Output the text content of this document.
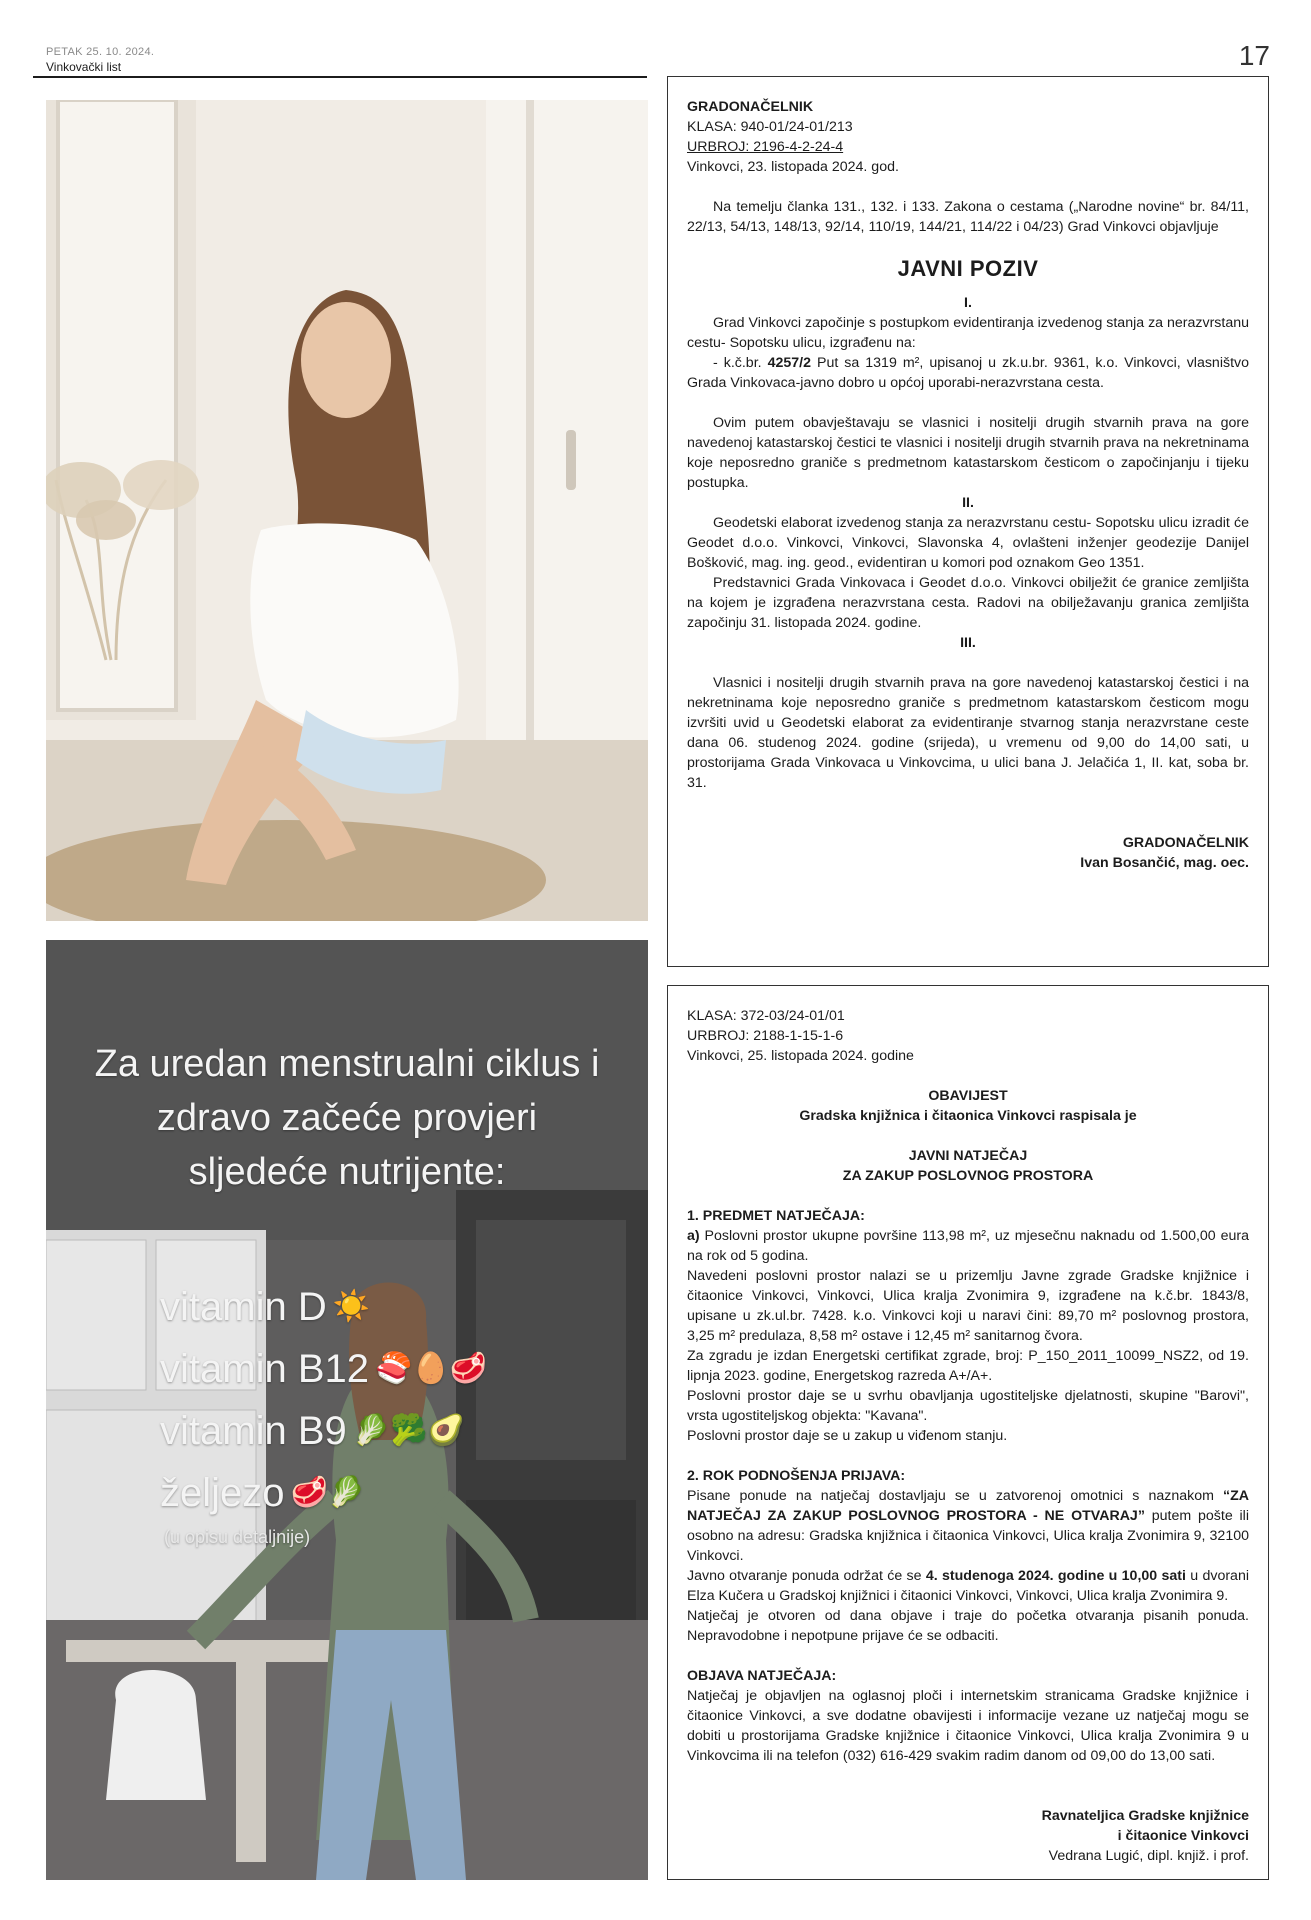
PETAK 25. 10. 2024.
Vinkovački list	17
Za uredan menstrualni ciklus i
zdravo začeće provjeri
sljedeće nutrijente:
vitamin D ☀️
vitamin B12 🍣🥚🥩
vitamin B9 🥬🥦🥑
željezo 🥩🥬
(u opisu detaljnije)
GRADONAČELNIK
KLASA: 940-01/24-01/213
URBROJ: 2196-4-2-24-4
Vinkovci, 23. listopada 2024. god.
Na temelju članka 131., 132. i 133. Zakona o cestama („Narodne novine“ br. 84/11, 22/13, 54/13, 148/13, 92/14, 110/19, 144/21, 114/22 i 04/23) Grad Vinkovci objavljuje
JAVNI POZIV
I.
Grad Vinkovci započinje s postupkom evidentiranja izvedenog stanja za nerazvrstanu cestu- Sopotsku ulicu, izgrađenu na:
- k.č.br. 4257/2 Put sa 1319 m², upisanoj u zk.u.br. 9361, k.o. Vinkovci, vlasništvo Grada Vinkovaca-javno dobro u općoj uporabi-nerazvrstana cesta.
Ovim putem obavještavaju se vlasnici i nositelji drugih stvarnih prava na gore navedenoj katastarskoj čestici te vlasnici i nositelji drugih stvarnih prava na nekretninama koje neposredno graniče s predmetnom katastarskom česticom o započinjanju i tijeku postupka.
II.
Geodetski elaborat izvedenog stanja za nerazvrstanu cestu- Sopotsku ulicu izradit će Geodet d.o.o. Vinkovci, Vinkovci, Slavonska 4, ovlašteni inženjer geodezije Danijel Bošković, mag. ing. geod., evidentiran u komori pod oznakom Geo 1351.
Predstavnici Grada Vinkovaca i Geodet d.o.o. Vinkovci obilježit će granice zemljišta na kojem je izgrađena nerazvrstana cesta. Radovi na obilježavanju granica zemljišta započinju 31. listopada 2024. godine.
III.
Vlasnici i nositelji drugih stvarnih prava na gore navedenoj katastarskoj čestici i na nekretninama koje neposredno graniče s predmetnom katastarskom česticom mogu izvršiti uvid u Geodetski elaborat za evidentiranje stvarnog stanja nerazvrstane ceste dana 06. studenog 2024. godine (srijeda), u vremenu od 9,00 do 14,00 sati, u prostorijama Grada Vinkovaca u Vinkovcima, u ulici bana J. Jelačića 1, II. kat, soba br. 31.
GRADONAČELNIK
Ivan Bosančić, mag. oec.
KLASA: 372-03/24-01/01
URBROJ: 2188-1-15-1-6
Vinkovci, 25. listopada 2024. godine
OBAVIJEST
Gradska knjižnica i čitaonica Vinkovci raspisala je
JAVNI NATJEČAJ
ZA ZAKUP POSLOVNOG PROSTORA
1. PREDMET NATJEČAJA:
a) Poslovni prostor ukupne površine 113,98 m², uz mjesečnu naknadu od 1.500,00 eura na rok od 5 godina.
Navedeni poslovni prostor nalazi se u prizemlju Javne zgrade Gradske knjižnice i čitaonice Vinkovci, Vinkovci, Ulica kralja Zvonimira 9, izgrađene na k.č.br. 1843/8, upisane u zk.ul.br. 7428. k.o. Vinkovci koji u naravi čini: 89,70 m² poslovnog prostora, 3,25 m² predulaza, 8,58 m² ostave i 12,45 m² sanitarnog čvora.
Za zgradu je izdan Energetski certifikat zgrade, broj: P_150_2011_10099_NSZ2, od 19. lipnja 2023. godine, Energetskog razreda A+/A+.
Poslovni prostor daje se u svrhu obavljanja ugostiteljske djelatnosti, skupine "Barovi", vrsta ugostiteljskog objekta: "Kavana".
Poslovni prostor daje se u zakup u viđenom stanju.
2. ROK PODNOŠENJA PRIJAVA:
Pisane ponude na natječaj dostavljaju se u zatvorenoj omotnici s naznakom “ZA NATJEČAJ ZA ZAKUP POSLOVNOG PROSTORA - NE OTVARAJ” putem pošte ili osobno na adresu: Gradska knjižnica i čitaonica Vinkovci, Ulica kralja Zvonimira 9, 32100 Vinkovci.
Javno otvaranje ponuda održat će se 4. studenoga 2024. godine u 10,00 sati u dvorani Elza Kučera u Gradskoj knjižnici i čitaonici Vinkovci, Vinkovci, Ulica kralja Zvonimira 9.
Natječaj je otvoren od dana objave i traje do početka otvaranja pisanih ponuda. Nepravodobne i nepotpune prijave će se odbaciti.
OBJAVA NATJEČAJA:
Natječaj je objavljen na oglasnoj ploči i internetskim stranicama Gradske knjižnice i čitaonice Vinkovci, a sve dodatne obavijesti i informacije vezane uz natječaj mogu se dobiti u prostorijama Gradske knjižnice i čitaonice Vinkovci, Ulica kralja Zvonimira 9 u Vinkovcima ili na telefon (032) 616-429 svakim radim danom od 09,00 do 13,00 sati.
Ravnateljica Gradske knjižnice
i čitaonice Vinkovci
Vedrana Lugić, dipl. knjiž. i prof.
